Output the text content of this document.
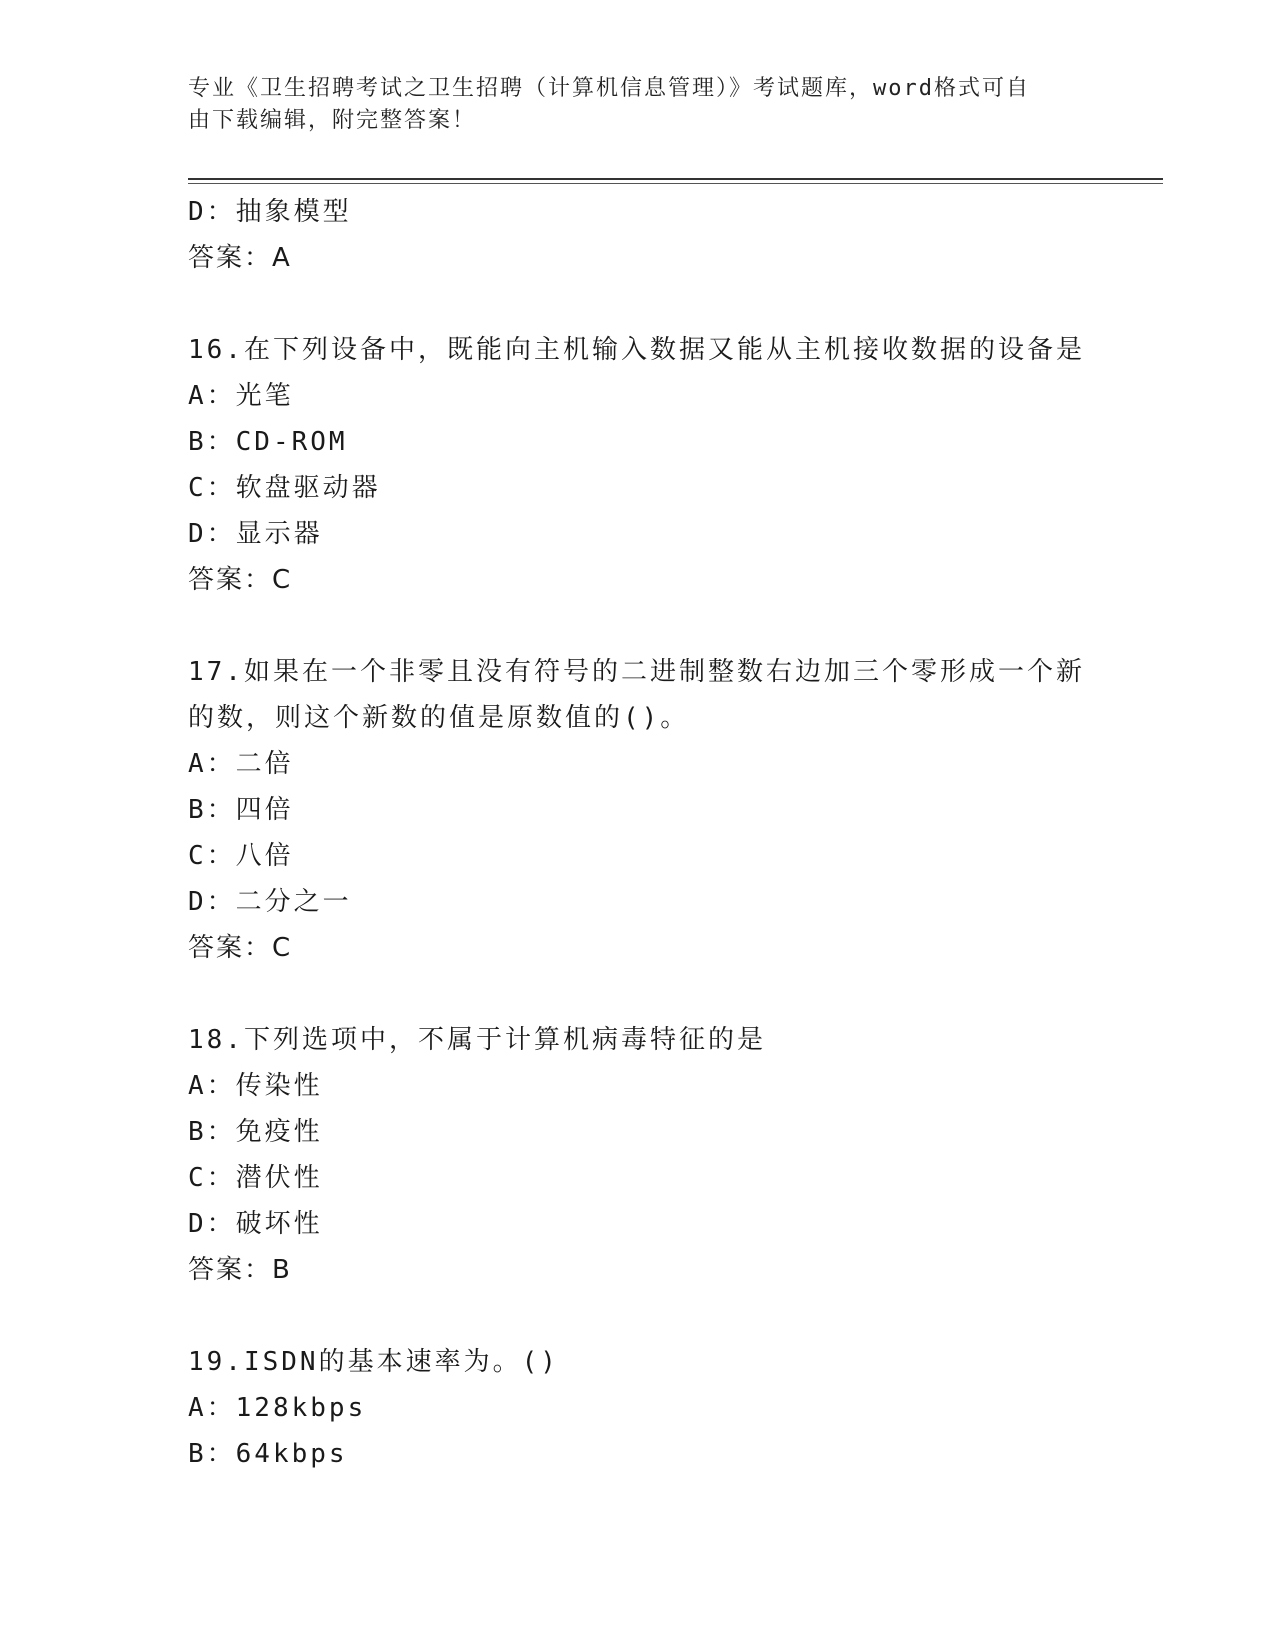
专业《卫生招聘考试之卫生招聘（计算机信息管理）》考试题库，word格式可自
由下载编辑，附完整答案！
D：抽象模型
答案：A
16.在下列设备中，既能向主机输入数据又能从主机接收数据的设备是
A：光笔
B：CD-ROM
C：软盘驱动器
D：显示器
答案：C
17.如果在一个非零且没有符号的二进制整数右边加三个零形成一个新
的数，则这个新数的值是原数值的()。
A：二倍
B：四倍
C：八倍
D：二分之一
答案：C
18.下列选项中，不属于计算机病毒特征的是
A：传染性
B：免疫性
C：潜伏性
D：破坏性
答案：B
19.ISDN的基本速率为。()
A：128kbps
B：64kbps
